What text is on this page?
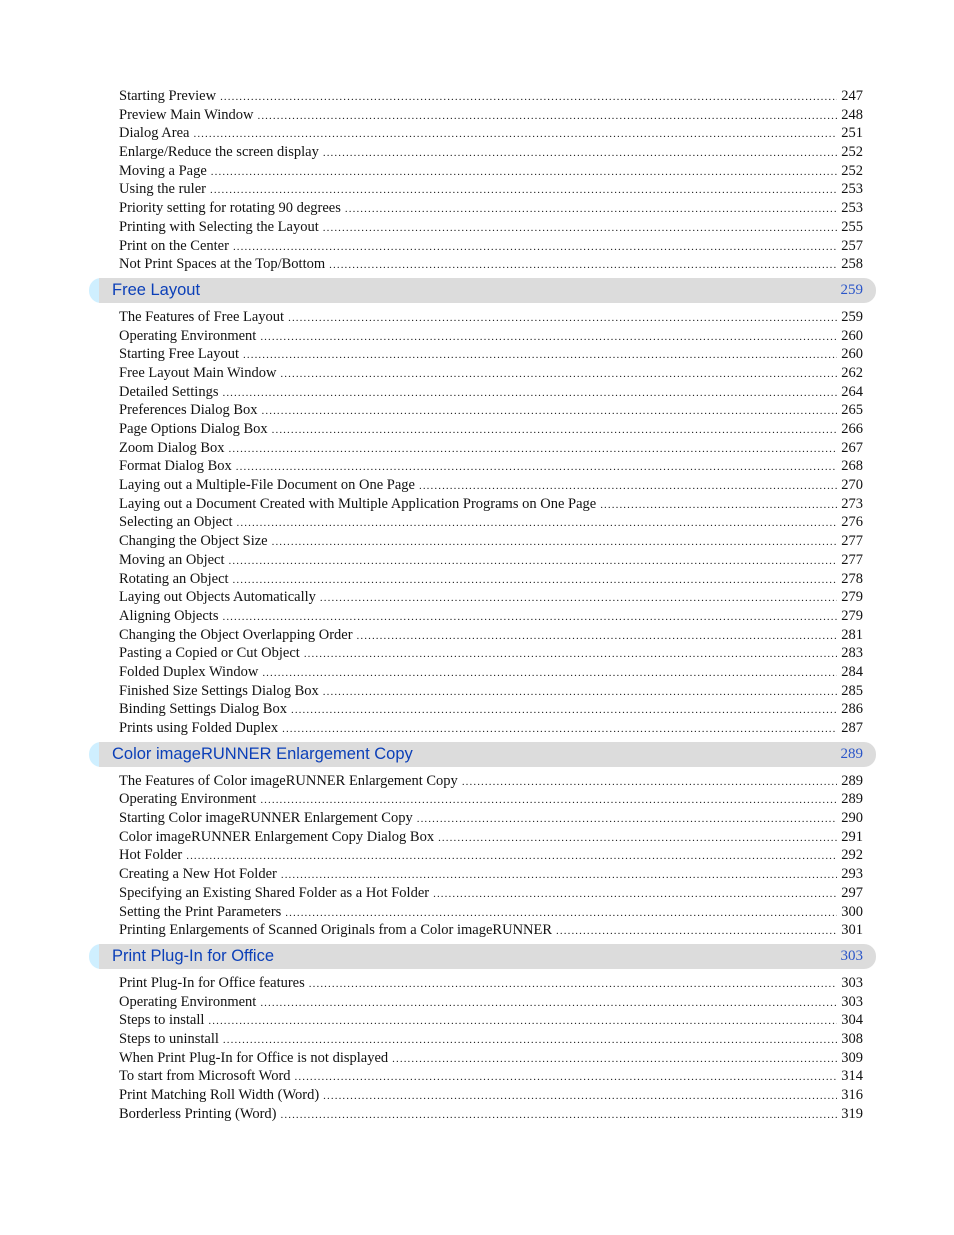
Starting Preview .....	247
Preview Main Window .....	248
Dialog Area .....	251
Enlarge/Reduce the screen display .....	252
Moving a Page .....	252
Using the ruler .....	253
Priority setting for rotating 90 degrees .....	253
Printing with Selecting the Layout .....	255
Print on the Center .....	257
Not Print Spaces at the Top/Bottom .....	258
Free Layout	259
The Features of Free Layout .....	259
Operating Environment .....	260
Starting Free Layout .....	260
Free Layout Main Window .....	262
Detailed Settings .....	264
Preferences Dialog Box .....	265
Page Options Dialog Box .....	266
Zoom Dialog Box .....	267
Format Dialog Box .....	268
Laying out a Multiple-File Document on One Page .....	270
Laying out a Document Created with Multiple Application Programs on One Page .....	273
Selecting an Object .....	276
Changing the Object Size .....	277
Moving an Object .....	277
Rotating an Object .....	278
Laying out Objects Automatically .....	279
Aligning Objects .....	279
Changing the Object Overlapping Order .....	281
Pasting a Copied or Cut Object .....	283
Folded Duplex Window .....	284
Finished Size Settings Dialog Box .....	285
Binding Settings Dialog Box .....	286
Prints using Folded Duplex .....	287
Color imageRUNNER Enlargement Copy	289
The Features of Color imageRUNNER Enlargement Copy .....	289
Operating Environment .....	289
Starting Color imageRUNNER Enlargement Copy .....	290
Color imageRUNNER Enlargement Copy Dialog Box .....	291
Hot Folder .....	292
Creating a New Hot Folder .....	293
Specifying an Existing Shared Folder as a Hot Folder .....	297
Setting the Print Parameters .....	300
Printing Enlargements of Scanned Originals from a Color imageRUNNER .....	301
Print Plug-In for Office	303
Print Plug-In for Office features .....	303
Operating Environment .....	303
Steps to install .....	304
Steps to uninstall .....	308
When Print Plug-In for Office is not displayed .....	309
To start from Microsoft Word .....	314
Print Matching Roll Width (Word) .....	316
Borderless Printing (Word) .....	319
